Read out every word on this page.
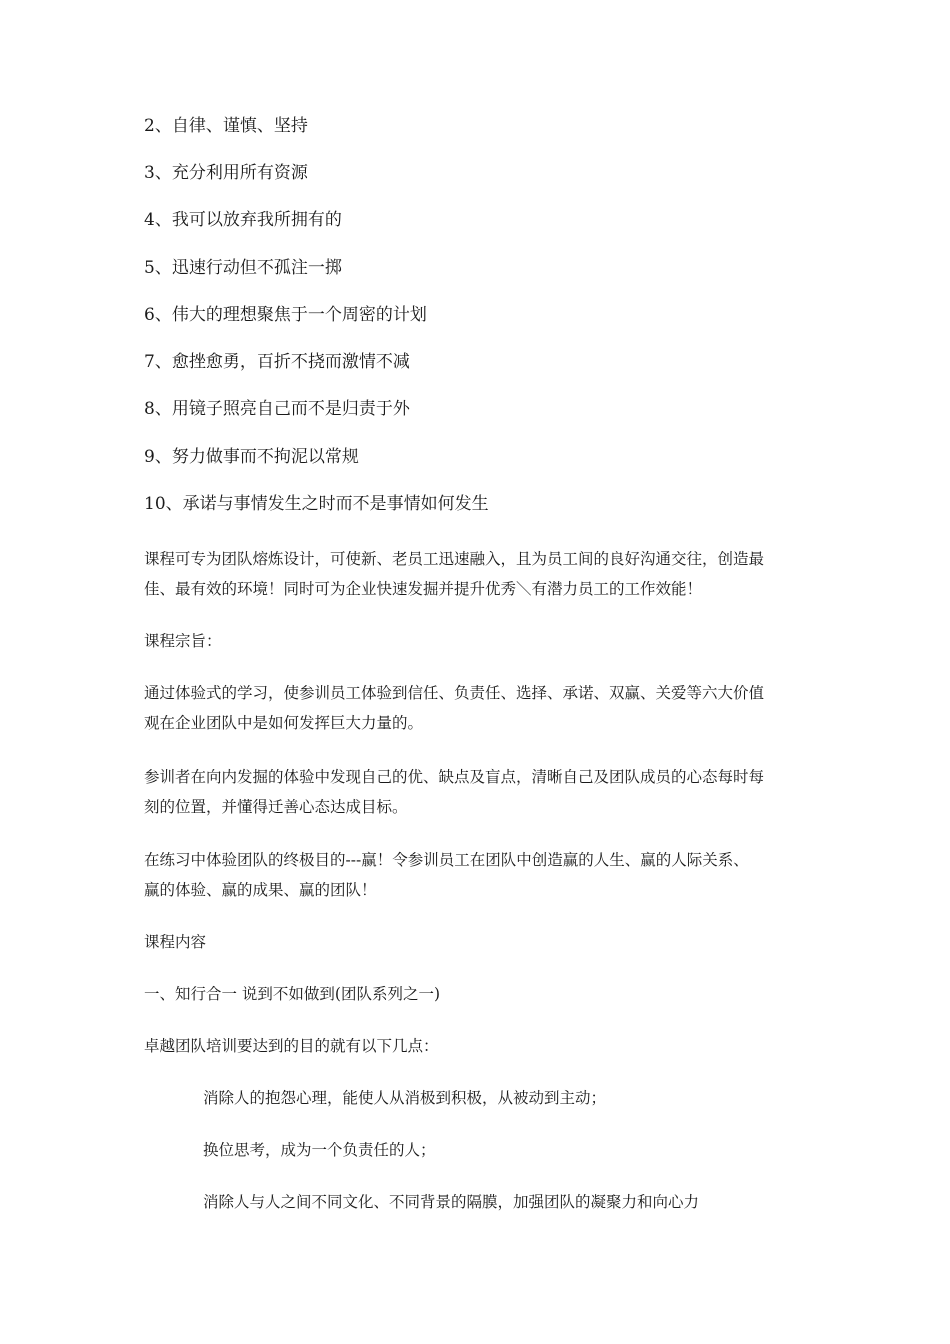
2、自律、谨慎、坚持
3、充分利用所有资源
4、我可以放弃我所拥有的
5、迅速行动但不孤注一掷
6、伟大的理想聚焦于一个周密的计划
7、愈挫愈勇，百折不挠而激情不减
8、用镜子照亮自己而不是归责于外
9、努力做事而不拘泥以常规
10、承诺与事情发生之时而不是事情如何发生
课程可专为团队熔炼设计，可使新、老员工迅速融入，且为员工间的良好沟通交往，创造最
佳、最有效的环境！同时可为企业快速发掘并提升优秀＼有潜力员工的工作效能！
课程宗旨：
通过体验式的学习，使参训员工体验到信任、负责任、选择、承诺、双赢、关爱等六大价值
观在企业团队中是如何发挥巨大力量的。
参训者在向内发掘的体验中发现自己的优、缺点及盲点，清晰自己及团队成员的心态每时每
刻的位置，并懂得迁善心态达成目标。
在练习中体验团队的终极目的---赢！令参训员工在团队中创造赢的人生、赢的人际关系、
赢的体验、赢的成果、赢的团队！
课程内容
一、知行合一 说到不如做到(团队系列之一)
卓越团队培训要达到的目的就有以下几点：
消除人的抱怨心理，能使人从消极到积极，从被动到主动；
换位思考，成为一个负责任的人；
消除人与人之间不同文化、不同背景的隔膜，加强团队的凝聚力和向心力
